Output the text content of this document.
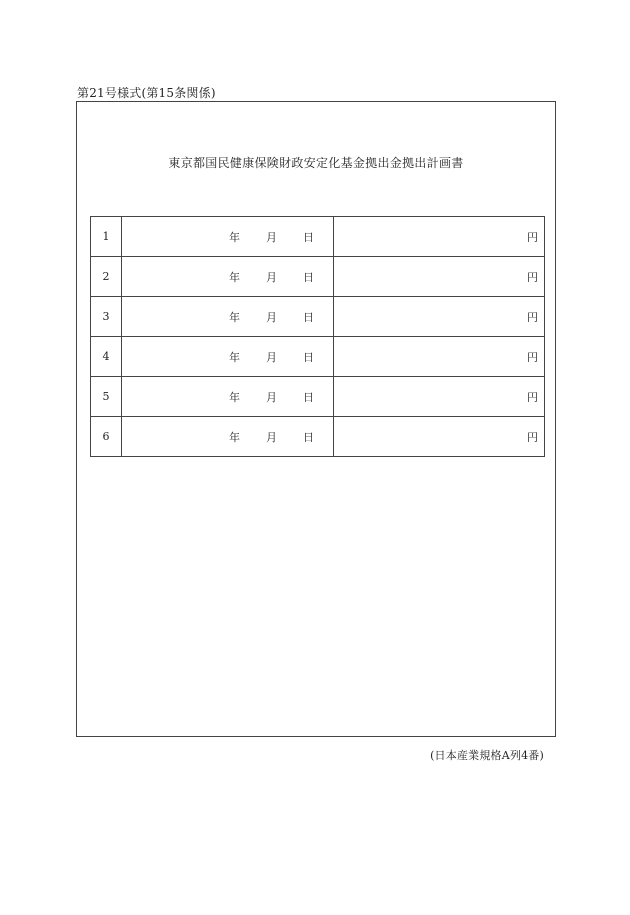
第21号様式(第15条関係)
東京都国民健康保険財政安定化基金拠出金拠出計画書
1	年 月 日	円
2	年 月 日	円
3	年 月 日	円
4	年 月 日	円
5	年 月 日	円
6	年 月 日	円
(日本産業規格A列4番)
